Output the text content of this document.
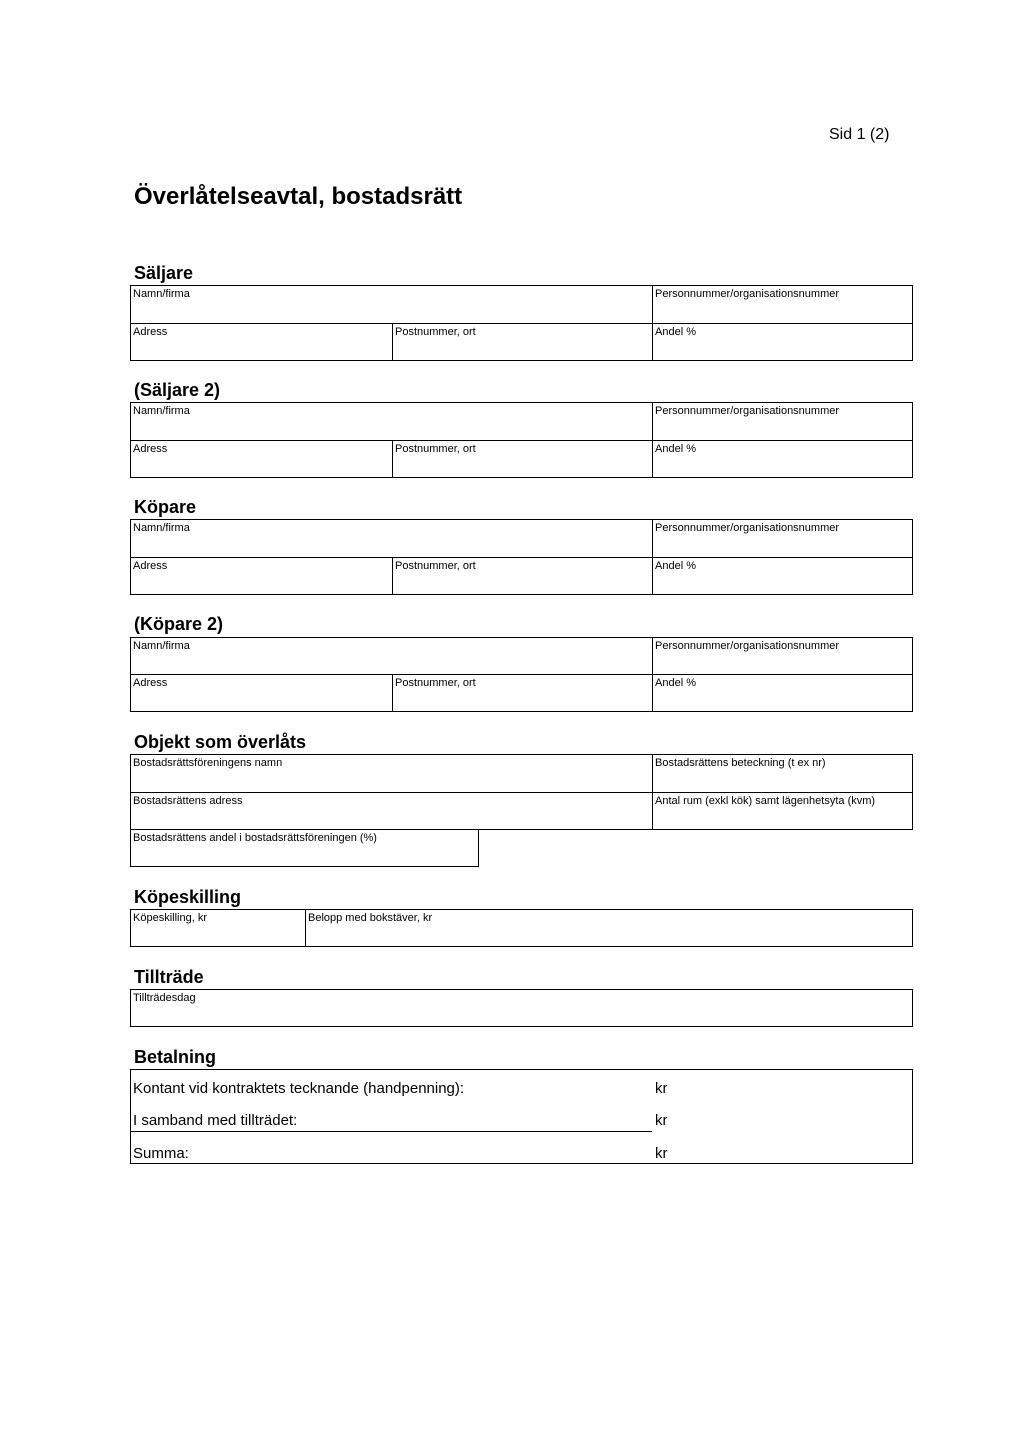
Sid 1 (2)
Överlåtelseavtal, bostadsrätt
Säljare
Namn/firma	Personnummer/organisationsnummer
Adress	Postnummer, ort	Andel %
(Säljare 2)
Namn/firma	Personnummer/organisationsnummer
Adress	Postnummer, ort	Andel %
Köpare
Namn/firma	Personnummer/organisationsnummer
Adress	Postnummer, ort	Andel %
(Köpare 2)
Namn/firma	Personnummer/organisationsnummer
Adress	Postnummer, ort	Andel %
Objekt som överlåts
Bostadsrättsföreningens namn	Bostadsrättens beteckning (t ex nr)
Bostadsrättens adress	Antal rum (exkl kök) samt lägenhetsyta (kvm)
Bostadsrättens andel i bostadsrättsföreningen (%)
Köpeskilling
Köpeskilling, kr	Belopp med bokstäver, kr
Tillträde
Tillträdesdag
Betalning
Kontant vid kontraktets tecknande (handpenning):	kr
I samband med tillträdet:	kr
Summa:	kr
